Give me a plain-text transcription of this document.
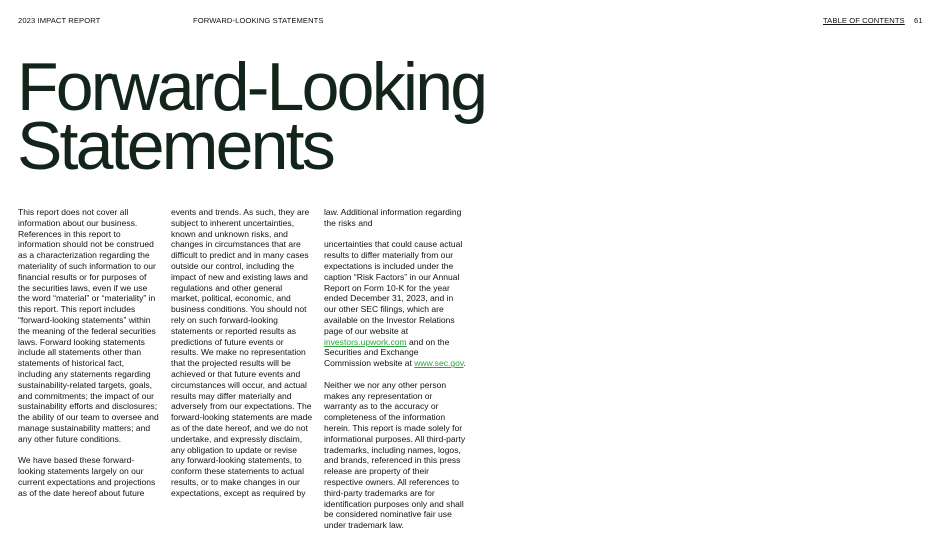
2023 IMPACT REPORT	FORWARD-LOOKING STATEMENTS	TABLE OF CONTENTS 61
Forward-Looking
Statements

This report does not cover all information about our business. References in this report to information should not be construed as a characterization regarding the materiality of such information to our financial results or for purposes of the securities laws, even if we use the word “material” or “materiality” in this report. This report includes “forward-looking statements” within the meaning of the federal securities laws. Forward looking statements include all statements other than statements of historical fact, including any statements regarding sustainability-related targets, goals, and commitments; the impact of our sustainability efforts and disclosures; the ability of our team to oversee and manage sustainability matters; and any other future conditions.

We have based these forward-looking statements largely on our current expectations and projections as of the date hereof about future

events and trends. As such, they are subject to inherent uncertainties, known and unknown risks, and changes in circumstances that are difficult to predict and in many cases outside our control, including the impact of new and existing laws and regulations and other general market, political, economic, and business conditions. You should not rely on such forward-looking statements or reported results as predictions of future events or results. We make no representation that the projected results will be achieved or that future events and circumstances will occur, and actual results may differ materially and adversely from our expectations. The forward-looking statements are made as of the date hereof, and we do not undertake, and expressly disclaim, any obligation to update or revise any forward-looking statements, to conform these statements to actual results, or to make changes in our expectations, except as required by

law. Additional information regarding the risks and

uncertainties that could cause actual results to differ materially from our expectations is included under the caption “Risk Factors” in our Annual Report on Form 10-K for the year ended December 31, 2023, and in our other SEC filings, which are available on the Investor Relations page of our website at investors.upwork.com and on the Securities and Exchange Commission website at www.sec.gov.

Neither we nor any other person makes any representation or warranty as to the accuracy or completeness of the information herein. This report is made solely for informational purposes. All third-party trademarks, including names, logos, and brands, referenced in this press release are property of their respective owners. All references to third-party trademarks are for identification purposes only and shall be considered nominative fair use under trademark law.
